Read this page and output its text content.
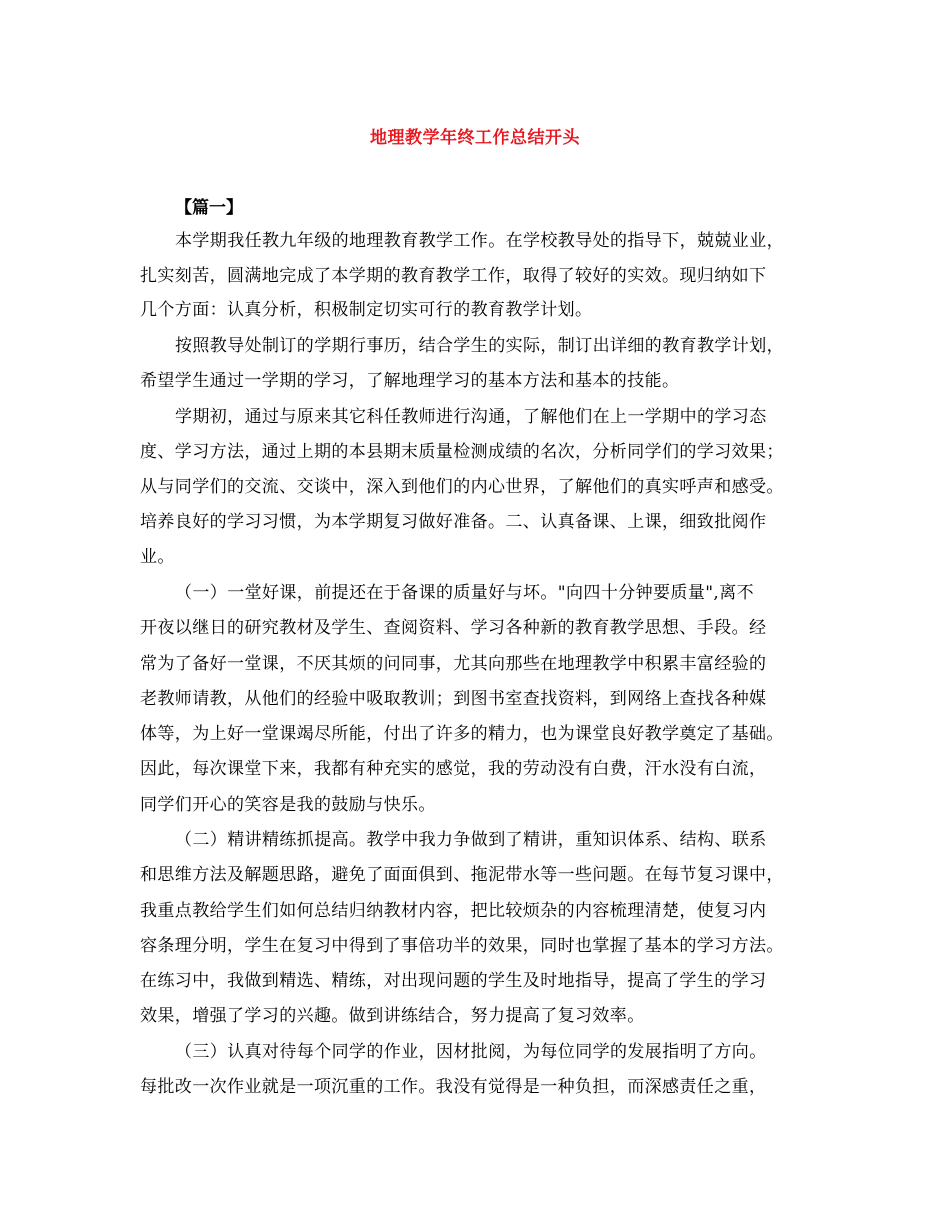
地理教学年终工作总结开头
【篇一】
本学期我任教九年级的地理教育教学工作。在学校教导处的指导下，兢兢业业，
扎实刻苦，圆满地完成了本学期的教育教学工作，取得了较好的实效。现归纳如下
几个方面：认真分析，积极制定切实可行的教育教学计划。
按照教导处制订的学期行事历，结合学生的实际，制订出详细的教育教学计划，
希望学生通过一学期的学习，了解地理学习的基本方法和基本的技能。
学期初，通过与原来其它科任教师进行沟通，了解他们在上一学期中的学习态
度、学习方法，通过上期的本县期末质量检测成绩的名次，分析同学们的学习效果；
从与同学们的交流、交谈中，深入到他们的内心世界，了解他们的真实呼声和感受。
培养良好的学习习惯，为本学期复习做好准备。二、认真备课、上课，细致批阅作
业。
（一）一堂好课，前提还在于备课的质量好与坏。"向四十分钟要质量",离不
开夜以继日的研究教材及学生、查阅资料、学习各种新的教育教学思想、手段。经
常为了备好一堂课，不厌其烦的问同事，尤其向那些在地理教学中积累丰富经验的
老教师请教，从他们的经验中吸取教训；到图书室查找资料，到网络上查找各种媒
体等，为上好一堂课竭尽所能，付出了许多的精力，也为课堂良好教学奠定了基础。
因此，每次课堂下来，我都有种充实的感觉，我的劳动没有白费，汗水没有白流，
同学们开心的笑容是我的鼓励与快乐。
（二）精讲精练抓提高。教学中我力争做到了精讲，重知识体系、结构、联系
和思维方法及解题思路，避免了面面俱到、拖泥带水等一些问题。在每节复习课中，
我重点教给学生们如何总结归纳教材内容，把比较烦杂的内容梳理清楚，使复习内
容条理分明，学生在复习中得到了事倍功半的效果，同时也掌握了基本的学习方法。
在练习中，我做到精选、精练，对出现问题的学生及时地指导，提高了学生的学习
效果，增强了学习的兴趣。做到讲练结合，努力提高了复习效率。
（三）认真对待每个同学的作业，因材批阅，为每位同学的发展指明了方向。
每批改一次作业就是一项沉重的工作。我没有觉得是一种负担，而深感责任之重，
